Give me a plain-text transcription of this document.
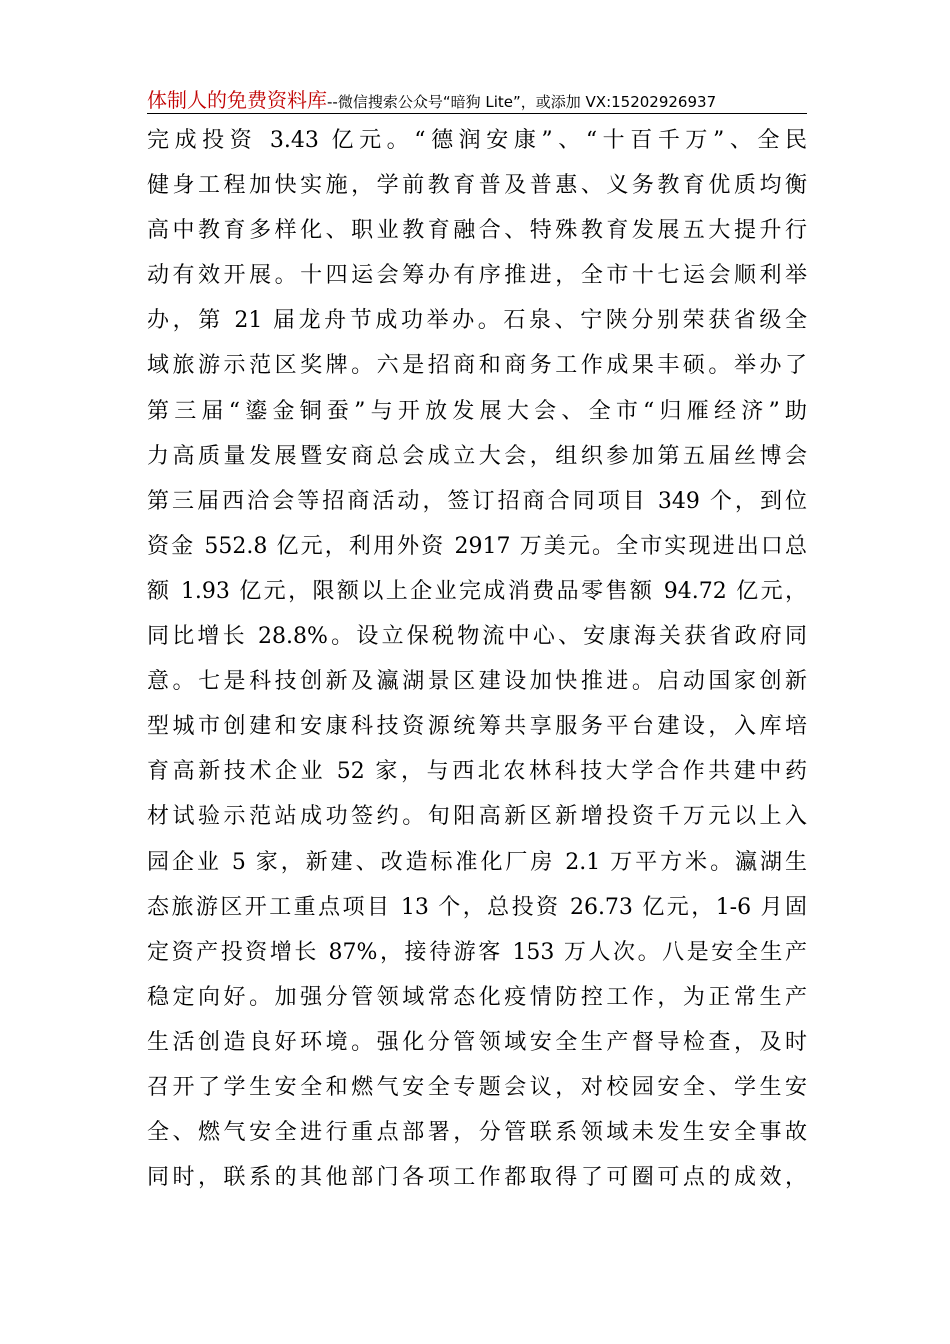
体制人的免费资料库--微信搜索公众号“暗狗 Lite”，或添加 VX:15202926937
完成投资 3.43 亿元。“德润安康”、“十百千万”、全民
健身工程加快实施，学前教育普及普惠、义务教育优质均衡
高中教育多样化、职业教育融合、特殊教育发展五大提升行
动有效开展。十四运会筹办有序推进，全市十七运会顺利举
办，第 21 届龙舟节成功举办。石泉、宁陕分别荣获省级全
域旅游示范区奖牌。六是招商和商务工作成果丰硕。举办了
第三届“鎏金铜蚕”与开放发展大会、全市“归雁经济”助
力高质量发展暨安商总会成立大会，组织参加第五届丝博会
第三届西洽会等招商活动，签订招商合同项目 349 个，到位
资金 552.8 亿元，利用外资 2917 万美元。全市实现进出口总
额 1.93 亿元，限额以上企业完成消费品零售额 94.72 亿元，
同比增长 28.8%。设立保税物流中心、安康海关获省政府同
意。七是科技创新及瀛湖景区建设加快推进。启动国家创新
型城市创建和安康科技资源统筹共享服务平台建设，入库培
育高新技术企业 52 家，与西北农林科技大学合作共建中药
材试验示范站成功签约。旬阳高新区新增投资千万元以上入
园企业 5 家，新建、改造标准化厂房 2.1 万平方米。瀛湖生
态旅游区开工重点项目 13 个，总投资 26.73 亿元，1-6 月固
定资产投资增长 87%，接待游客 153 万人次。八是安全生产
稳定向好。加强分管领域常态化疫情防控工作，为正常生产
生活创造良好环境。强化分管领域安全生产督导检查，及时
召开了学生安全和燃气安全专题会议，对校园安全、学生安
全、燃气安全进行重点部署，分管联系领域未发生安全事故
同时，联系的其他部门各项工作都取得了可圈可点的成效，
